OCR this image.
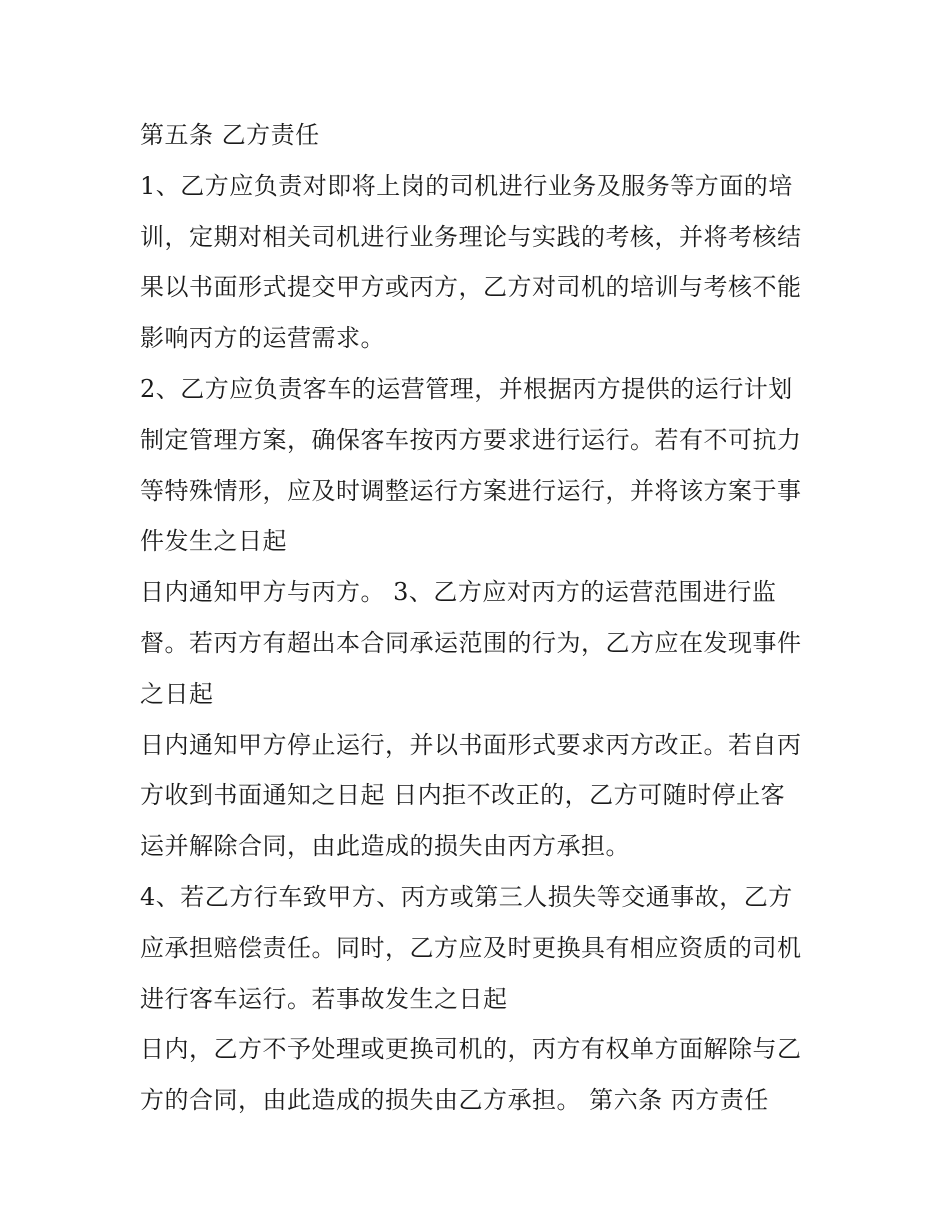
第五条 乙方责任
1、乙方应负责对即将上岗的司机进行业务及服务等方面的培
训，定期对相关司机进行业务理论与实践的考核，并将考核结
果以书面形式提交甲方或丙方，乙方对司机的培训与考核不能
影响丙方的运营需求。
2、乙方应负责客车的运营管理，并根据丙方提供的运行计划
制定管理方案，确保客车按丙方要求进行运行。若有不可抗力
等特殊情形，应及时调整运行方案进行运行，并将该方案于事
件发生之日起
日内通知甲方与丙方。 3、乙方应对丙方的运营范围进行监
督。若丙方有超出本合同承运范围的行为，乙方应在发现事件
之日起
日内通知甲方停止运行，并以书面形式要求丙方改正。若自丙
方收到书面通知之日起 日内拒不改正的，乙方可随时停止客
运并解除合同，由此造成的损失由丙方承担。
4、若乙方行车致甲方、丙方或第三人损失等交通事故，乙方
应承担赔偿责任。同时，乙方应及时更换具有相应资质的司机
进行客车运行。若事故发生之日起
日内，乙方不予处理或更换司机的，丙方有权单方面解除与乙
方的合同，由此造成的损失由乙方承担。 第六条 丙方责任
